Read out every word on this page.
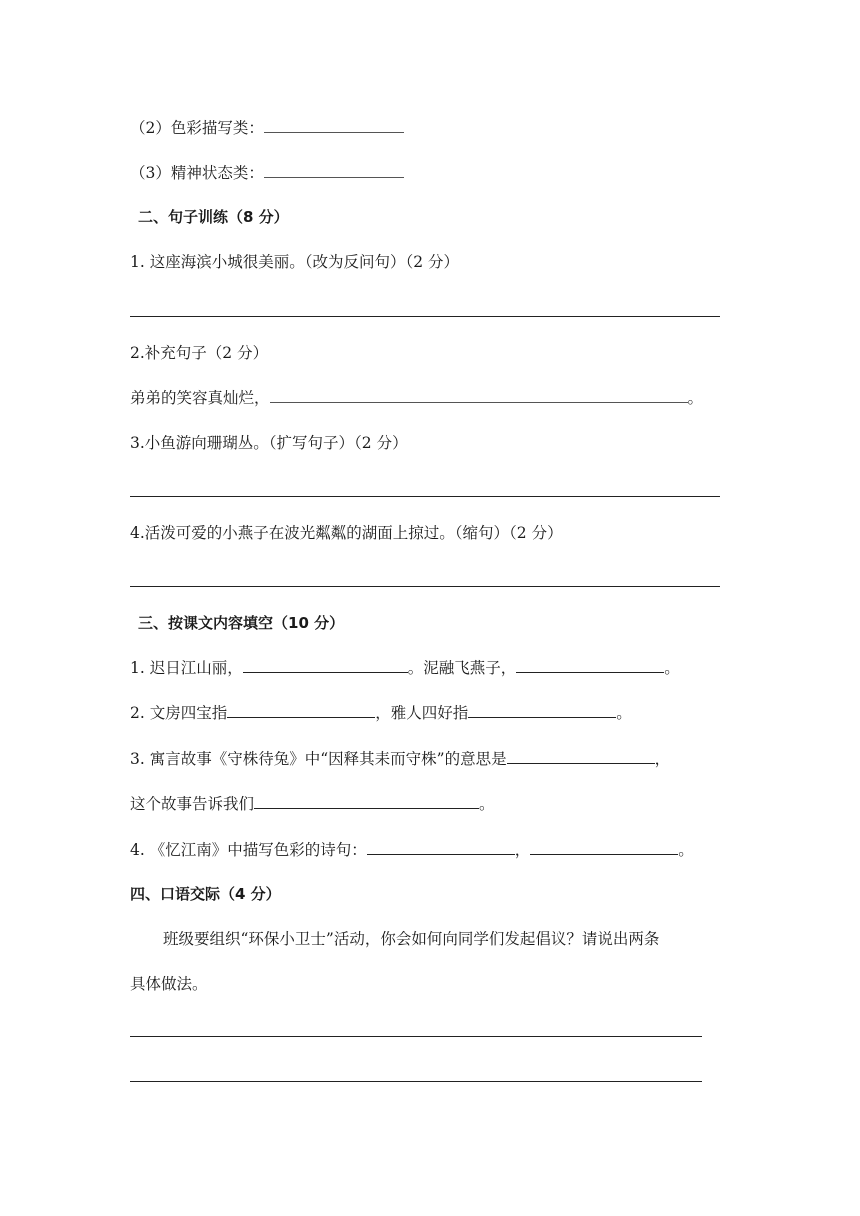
（2）色彩描写类：
（3）精神状态类：
二、句子训练（8 分）
1. 这座海滨小城很美丽。（改为反问句）（2 分）
2.补充句子（2 分）
弟弟的笑容真灿烂，	。
3.小鱼游向珊瑚丛。（扩写句子）（2 分）
4.活泼可爱的小燕子在波光粼粼的湖面上掠过。（缩句）（2 分）
三、按课文内容填空（10 分）
1. 迟日江山丽，	。泥融飞燕子，	。
2. 文房四宝指	，雅人四好指	。
3. 寓言故事《守株待兔》中“因释其耒而守株”的意思是	，
这个故事告诉我们	。
4. 《忆江南》中描写色彩的诗句：	，	。
四、口语交际（4 分）
班级要组织“环保小卫士”活动，你会如何向同学们发起倡议？请说出两条
具体做法。
